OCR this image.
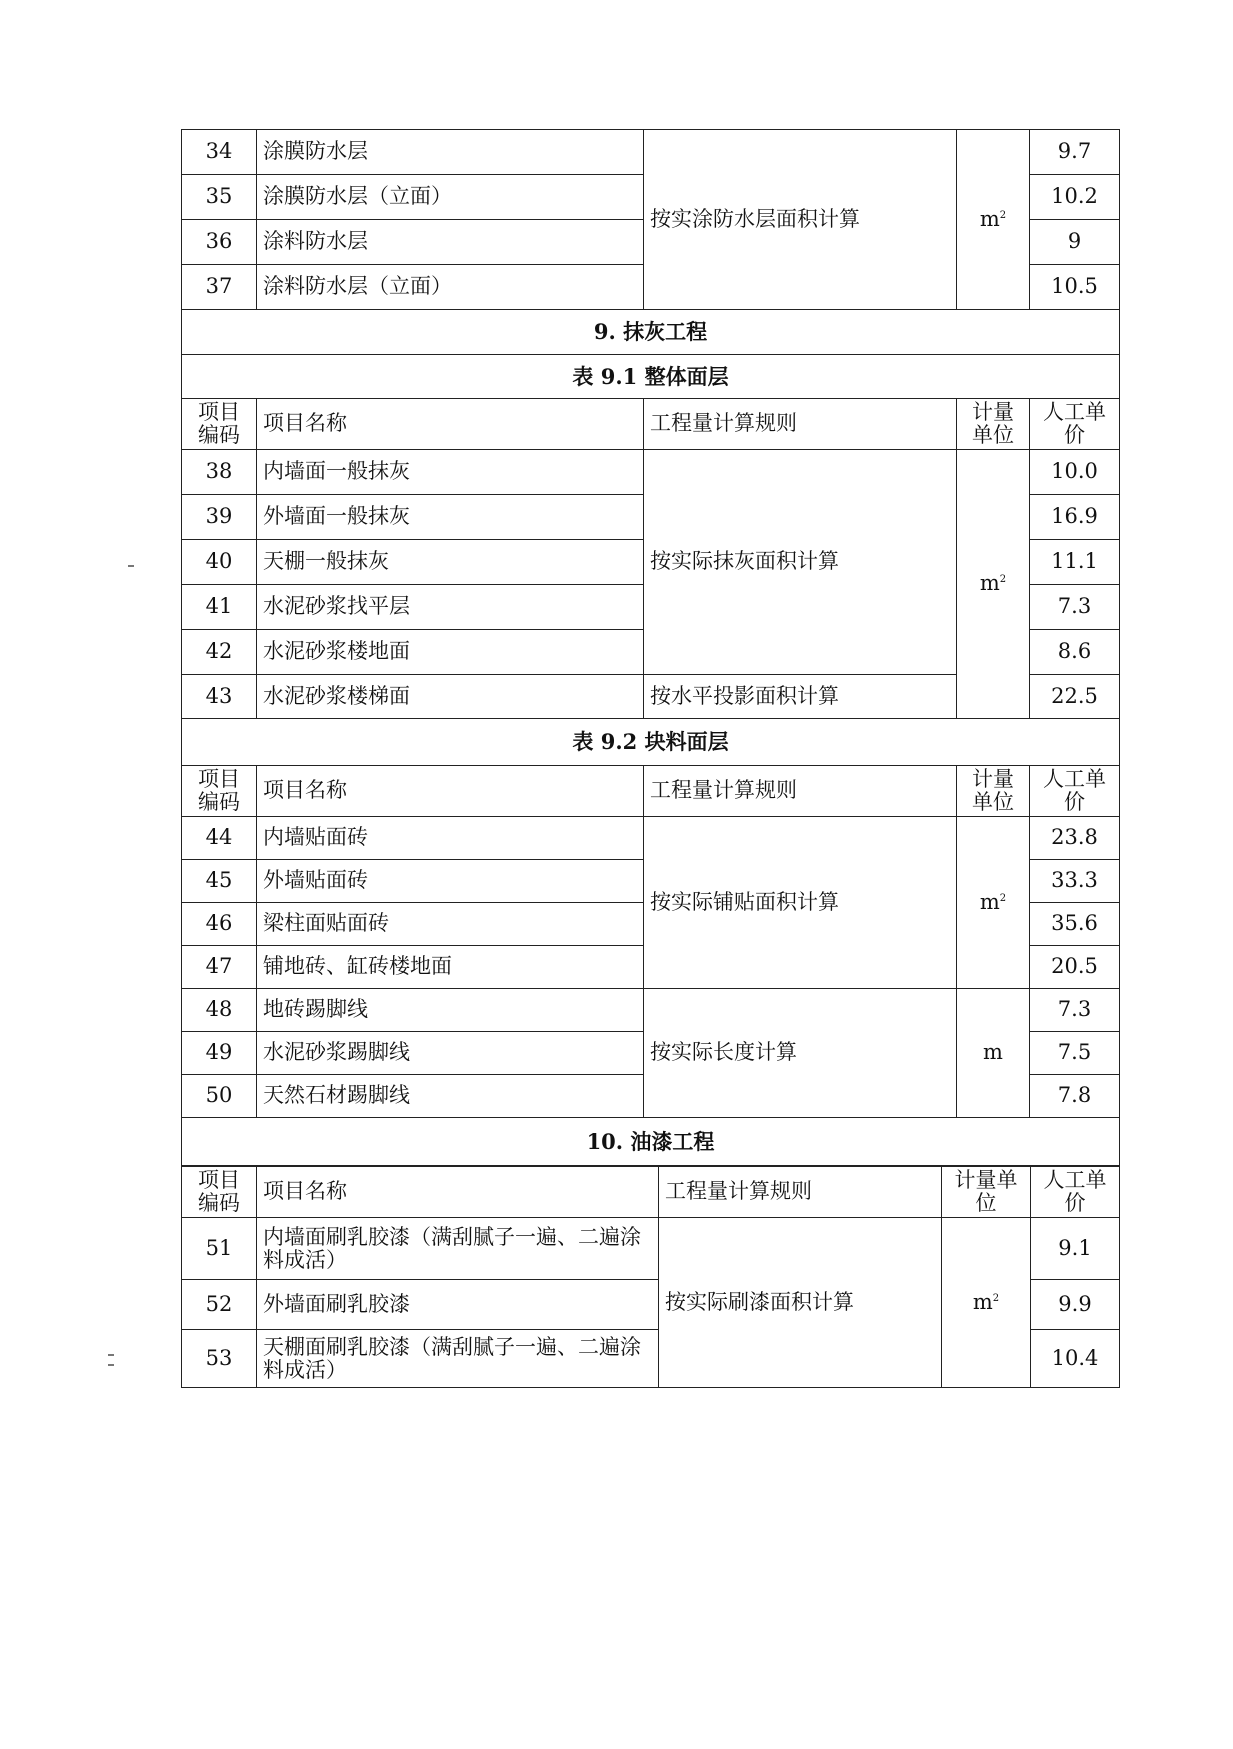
34	涂膜防水层	按实涂防水层面积计算	$m^2$	9.7
35	涂膜防水层（立面）			10.2
36	涂料防水层			9
37	涂料防水层（立面）			10.5
9. 抹灰工程				
表 9.1 整体面层				
项目编码	项目名称	工程量计算规则	计量单位	人工单价
38	内墙面一般抹灰	按实际抹灰面积计算	$m^2$	10.0
39	外墙面一般抹灰			16.9
40	天棚一般抹灰			11.1
41	水泥砂浆找平层			7.3
42	水泥砂浆楼地面			8.6
43	水泥砂浆楼梯面	按水平投影面积计算		22.5
表 9.2 块料面层				
项目编码	项目名称	工程量计算规则	计量单位	人工单价
44	内墙贴面砖	按实际铺贴面积计算	$m^2$	23.8
45	外墙贴面砖			33.3
46	梁柱面贴面砖			35.6
47	铺地砖、缸砖楼地面			20.5
48	地砖踢脚线	按实际长度计算	m	7.3
49	水泥砂浆踢脚线			7.5
50	天然石材踢脚线			7.8
10. 油漆工程				
项目编码	项目名称	工程量计算规则	计量单位	人工单价
51	内墙面刷乳胶漆（满刮腻子一遍、二遍涂料成活）	按实际刷漆面积计算	$m^2$	9.1
52	外墙面刷乳胶漆			9.9
53	天棚面刷乳胶漆（满刮腻子一遍、二遍涂料成活）			10.4
